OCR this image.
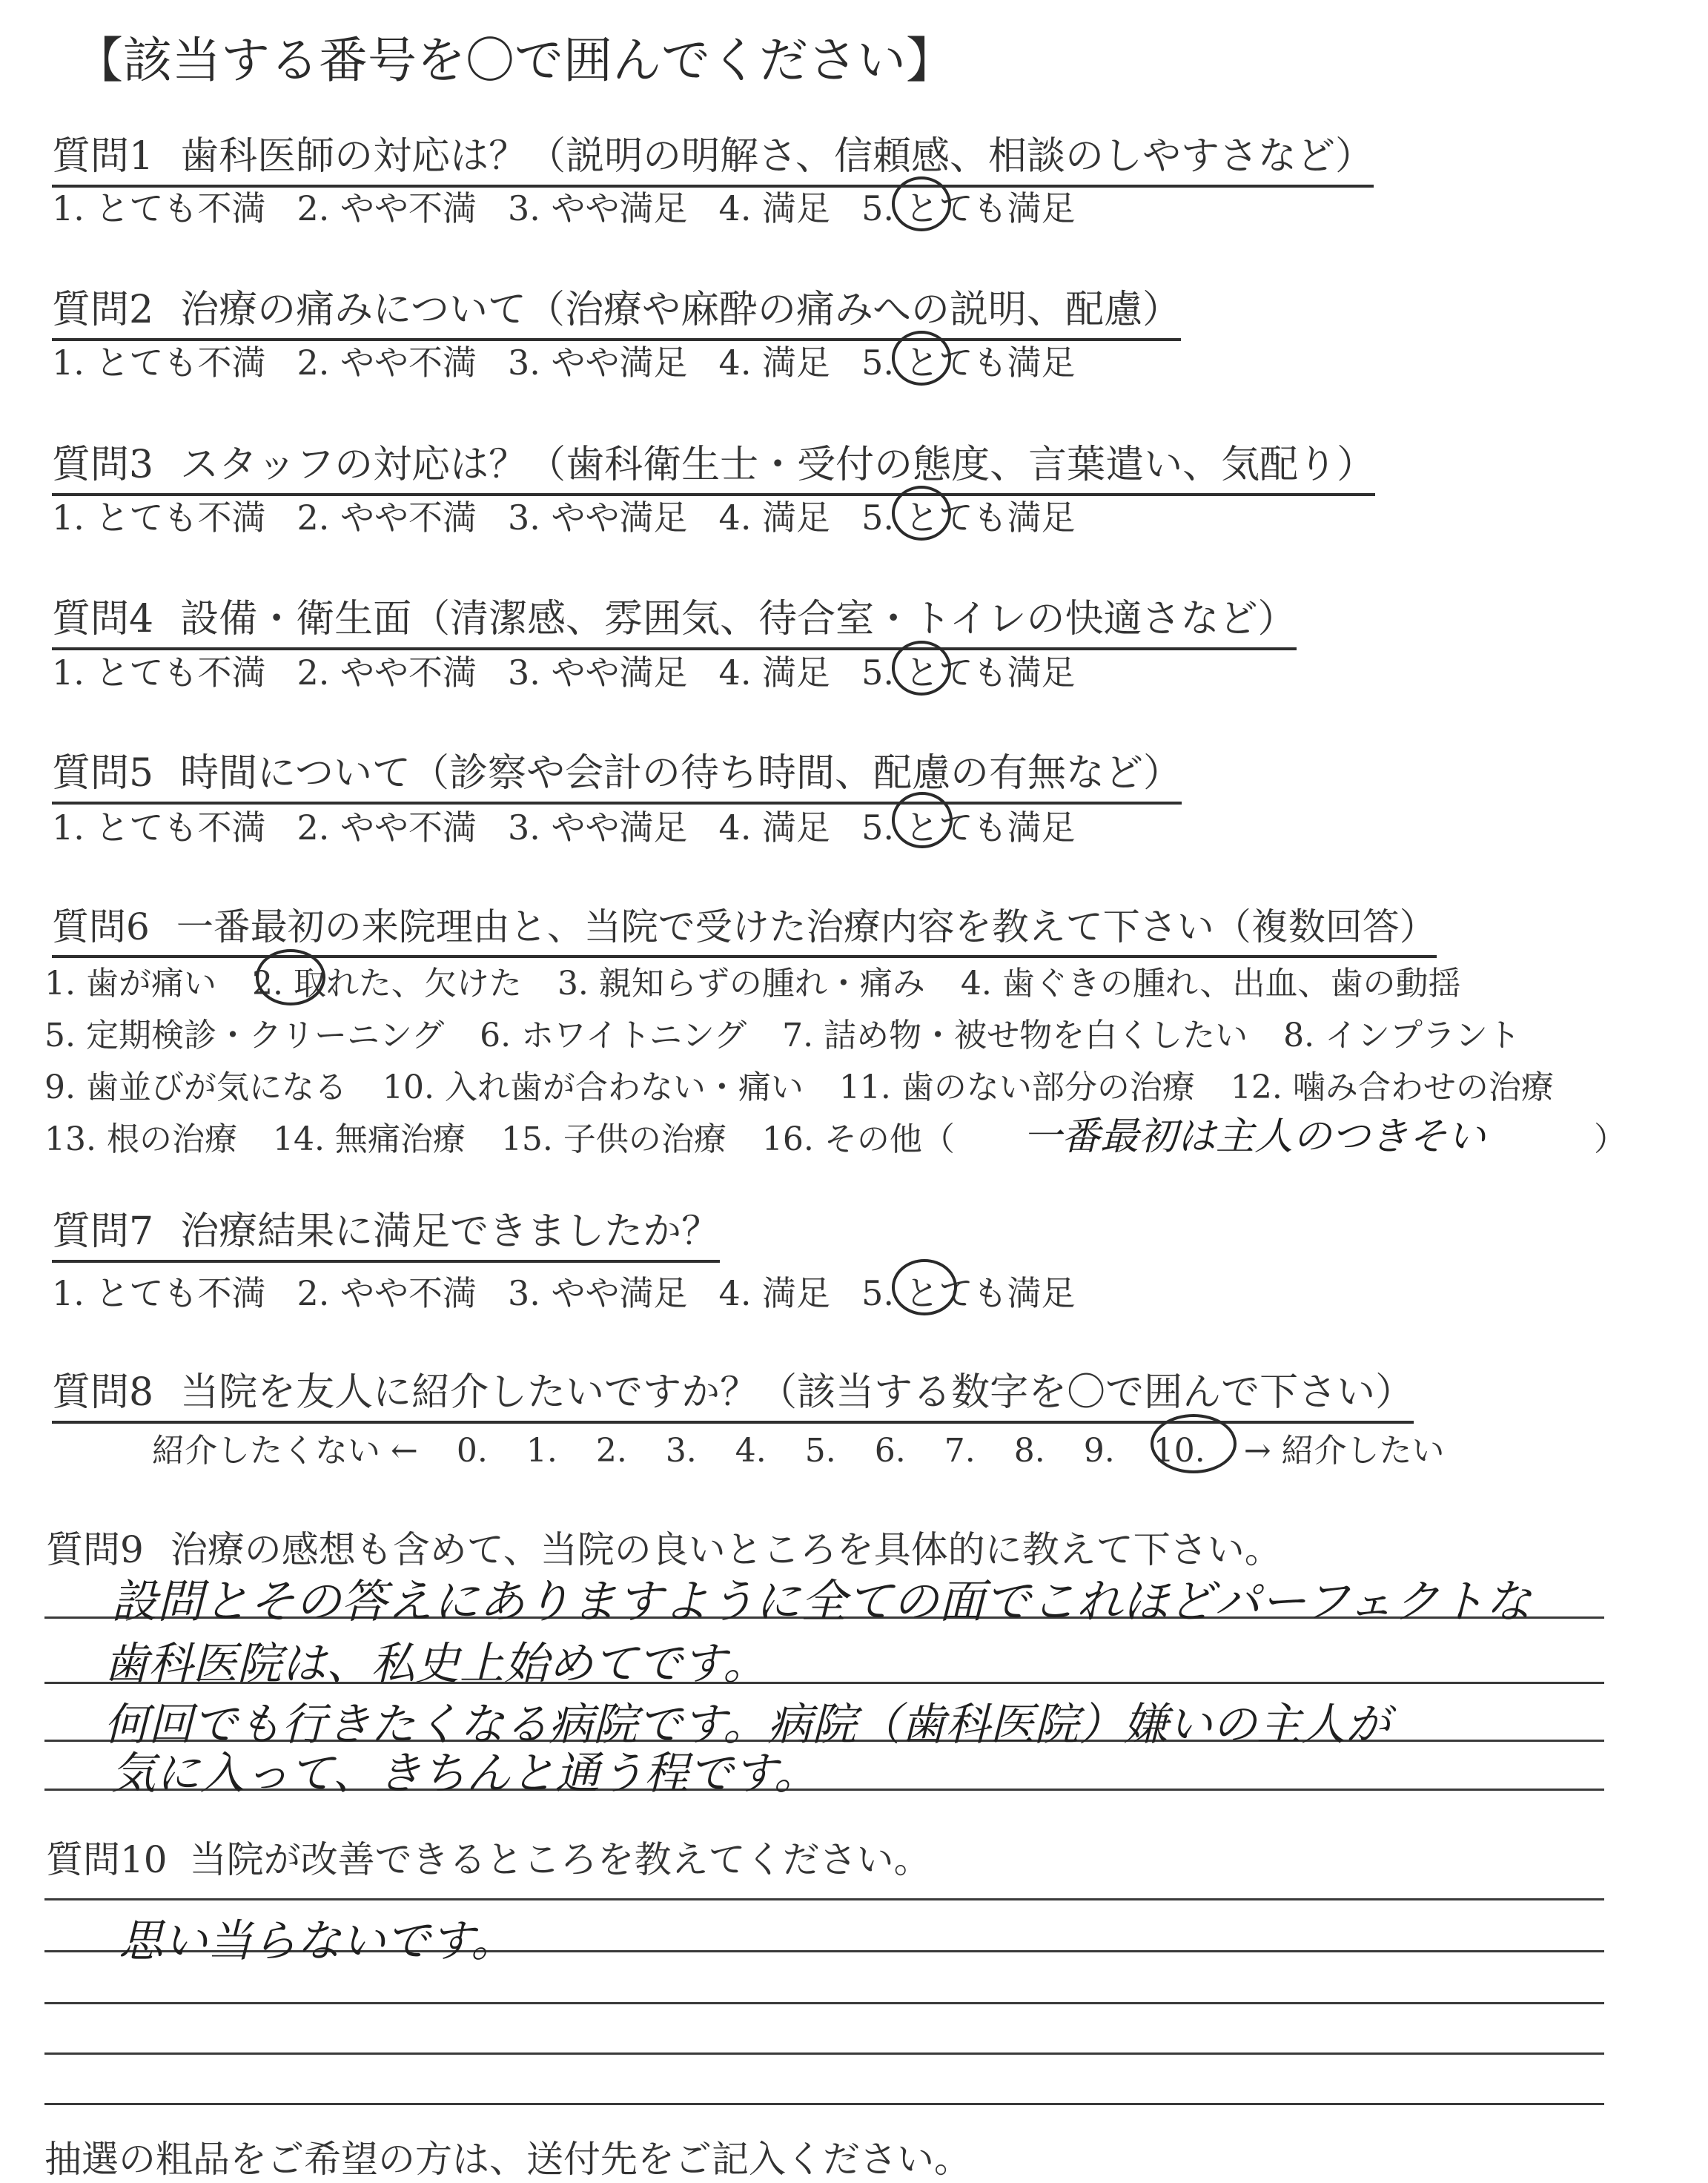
【該当する番号を〇で囲んでください】
質問1 歯科医師の対応は？（説明の明解さ、信頼感、相談のしやすさなど）
1. とても不満 2. やや不満 3. やや満足 4. 満足 5. とても満足
質問2 治療の痛みについて（治療や麻酔の痛みへの説明、配慮）
1. とても不満 2. やや不満 3. やや満足 4. 満足 5. とても満足
質問3 スタッフの対応は？（歯科衛生士・受付の態度、言葉遣い、気配り）
1. とても不満 2. やや不満 3. やや満足 4. 満足 5. とても満足
質問4 設備・衛生面（清潔感、雰囲気、待合室・トイレの快適さなど）
1. とても不満 2. やや不満 3. やや満足 4. 満足 5. とても満足
質問5 時間について（診察や会計の待ち時間、配慮の有無など）
1. とても不満 2. やや不満 3. やや満足 4. 満足 5. とても満足
質問6 一番最初の来院理由と、当院で受けた治療内容を教えて下さい（複数回答）
1. 歯が痛い 2. 取れた、欠けた 3. 親知らずの腫れ・痛み 4. 歯ぐきの腫れ、出血、歯の動揺
5. 定期検診・クリーニング 6. ホワイトニング 7. 詰め物・被せ物を白くしたい 8. インプラント
9. 歯並びが気になる 10. 入れ歯が合わない・痛い 11. 歯のない部分の治療 12. 噛み合わせの治療
13. 根の治療 14. 無痛治療 15. 子供の治療 16. その他（ 一番最初は主人のつきそい	）
質問7 治療結果に満足できましたか？
1. とても不満 2. やや不満 3. やや満足 4. 満足 5. とても満足
質問8 当院を友人に紹介したいですか？（該当する数字を〇で囲んで下さい）
紹介したくない ← 0. 1. 2. 3. 4. 5. 6. 7. 8. 9. 10. → 紹介したい
質問9 治療の感想も含めて、当院の良いところを具体的に教えて下さい。
設問とその答えにありますように全ての面でこれほどパーフェクトな
歯科医院は、私史上始めてです。
何回でも行きたくなる病院です。病院（歯科医院）嫌いの主人が
気に入って、きちんと通う程です。
質問10 当院が改善できるところを教えてください。
思い当らないです。
抽選の粗品をご希望の方は、送付先をご記入ください。
